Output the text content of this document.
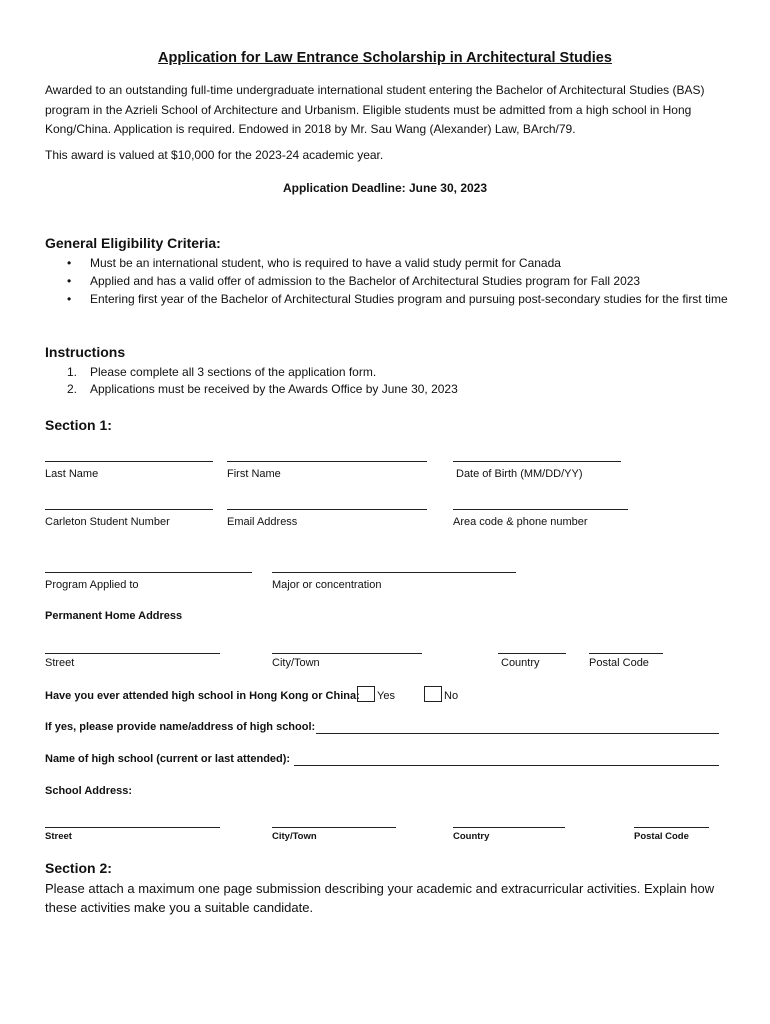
Application for Law Entrance Scholarship in Architectural Studies
Awarded to an outstanding full-time undergraduate international student entering the Bachelor of Architectural Studies (BAS) program in the Azrieli School of Architecture and Urbanism. Eligible students must be admitted from a high school in Hong Kong/China. Application is required. Endowed in 2018 by Mr. Sau Wang (Alexander) Law, BArch/79.
This award is valued at $10,000 for the 2023-24 academic year.
Application Deadline: June 30, 2023
General Eligibility Criteria:
• Must be an international student, who is required to have a valid study permit for Canada
• Applied and has a valid offer of admission to the Bachelor of Architectural Studies program for Fall 2023
• Entering first year of the Bachelor of Architectural Studies program and pursuing post-secondary studies for the first time
Instructions
1. Please complete all 3 sections of the application form.
2. Applications must be received by the Awards Office by June 30, 2023
Section 1:
Last Name	First Name	Date of Birth (MM/DD/YY)
Carleton Student Number	Email Address	Area code & phone number
Program Applied to	Major or concentration
Permanent Home Address
Street	City/Town	Country	Postal Code
Have you ever attended high school in Hong Kong or China: Yes	No
If yes, please provide name/address of high school:
Name of high school (current or last attended):
School Address:
Street	City/Town	Country	Postal Code
Section 2:
Please attach a maximum one page submission describing your academic and extracurricular activities. Explain how these activities make you a suitable candidate.
